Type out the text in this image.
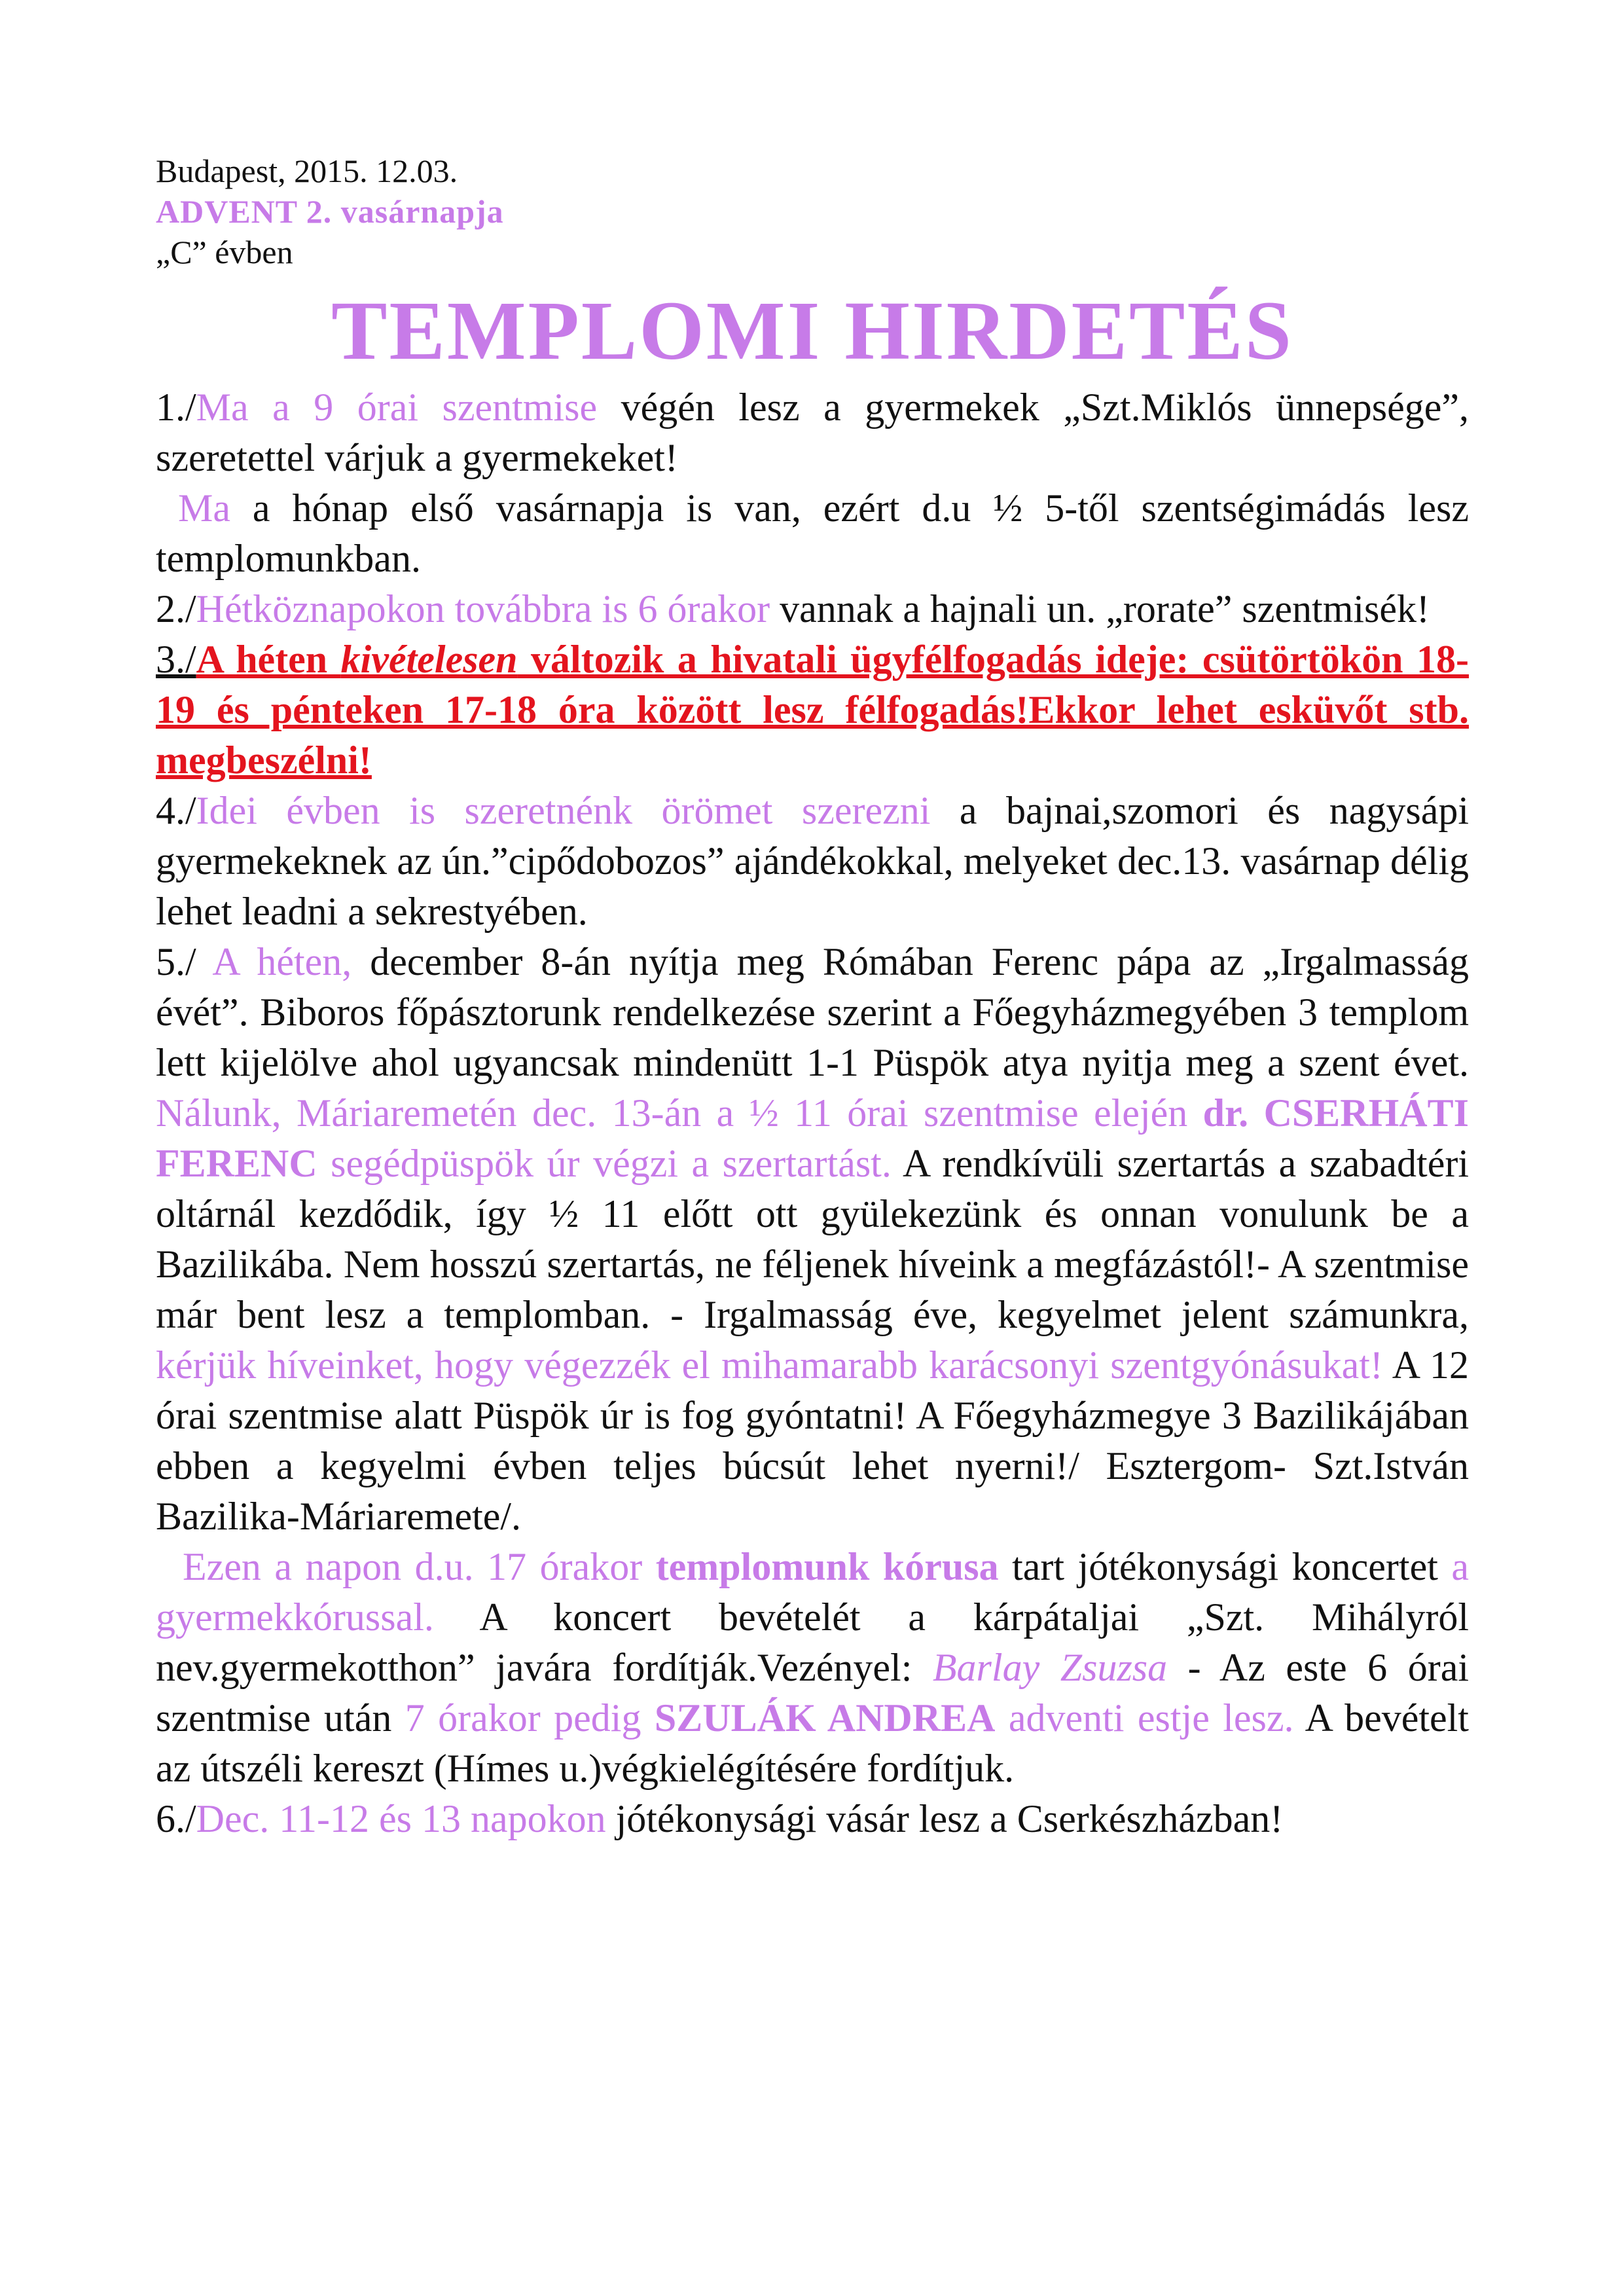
Budapest, 2015. 12.03.
ADVENT 2. vasárnapja
„C” évben
TEMPLOMI HIRDETÉS

1./Ma a 9 órai szentmise végén lesz a gyermekek „Szt.Miklós ünnepsége”, szeretettel várjuk a gyermekeket!

Ma a hónap első vasárnapja is van, ezért d.u ½ 5-től szentségimádás lesz templomunkban.

2./Hétköznapokon továbbra is 6 órakor vannak a hajnali un. „rorate” szentmisék!

3./A héten kivételesen változik a hivatali ügyfélfogadás ideje: csütörtökön 18-19 és pénteken 17-18 óra között lesz félfogadás!Ekkor lehet esküvőt stb. megbeszélni!

4./Idei évben is szeretnénk örömet szerezni a bajnai,szomori és nagysápi gyermekeknek az ún.”cipődobozos” ajándékokkal, melyeket dec.13. vasárnap délig lehet leadni a sekrestyében.

5./ A héten, december 8-án nyítja meg Rómában Ferenc pápa az „Irgalmasság évét”. Biboros főpásztorunk rendelkezése szerint a Főegyházmegyében 3 templom lett kijelölve ahol ugyancsak mindenütt 1-1 Püspök atya nyitja meg a szent évet. Nálunk, Máriaremetén dec. 13-án a ½ 11 órai szentmise elején dr. CSERHÁTI FERENC segédpüspök úr végzi a szertartást. A rendkívüli szertartás a szabadtéri oltárnál kezdődik, így ½ 11 előtt ott gyülekezünk és onnan vonulunk be a Bazilikába. Nem hosszú szertartás, ne féljenek híveink a megfázástól!- A szentmise már bent lesz a templomban. - Irgalmasság éve, kegyelmet jelent számunkra, kérjük híveinket, hogy végezzék el mihamarabb karácsonyi szentgyónásukat! A 12 órai szentmise alatt Püspök úr is fog gyóntatni! A Főegyházmegye 3 Bazilikájában ebben a kegyelmi évben teljes búcsút lehet nyerni!/ Esztergom- Szt.István Bazilika-Máriaremete/.

Ezen a napon d.u. 17 órakor templomunk kórusa tart jótékonysági koncertet a gyermekkórussal. A koncert bevételét a kárpátaljai „Szt. Mihályról nev.gyermekotthon” javára fordítják.Vezényel: Barlay Zsuzsa - Az este 6 órai szentmise után 7 órakor pedig SZULÁK ANDREA adventi estje lesz. A bevételt az útszéli kereszt (Hímes u.)végkielégítésére fordítjuk.

6./Dec. 11-12 és 13 napokon jótékonysági vásár lesz a Cserkészházban!
